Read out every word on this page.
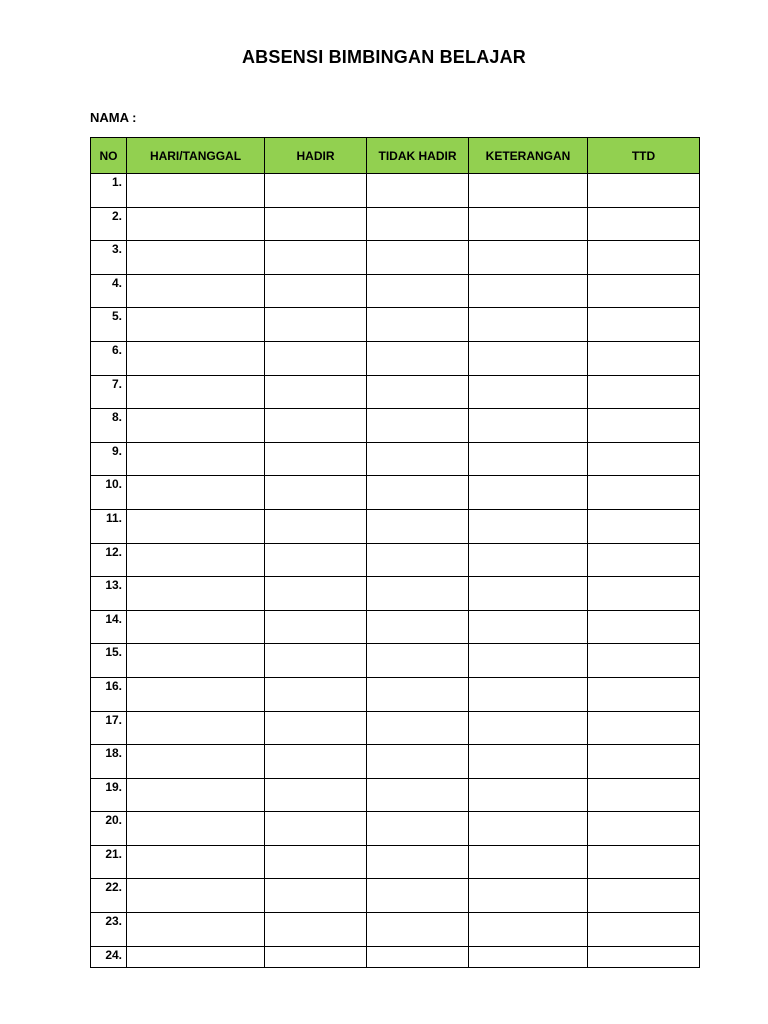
ABSENSI BIMBINGAN BELAJAR
NAMA :
NO	HARI/TANGGAL	HADIR	TIDAK HADIR	KETERANGAN	TTD
1.					
2.					
3.					
4.					
5.					
6.					
7.					
8.					
9.					
10.					
11.					
12.					
13.					
14.					
15.					
16.					
17.					
18.					
19.					
20.					
21.					
22.					
23.					
24.					
